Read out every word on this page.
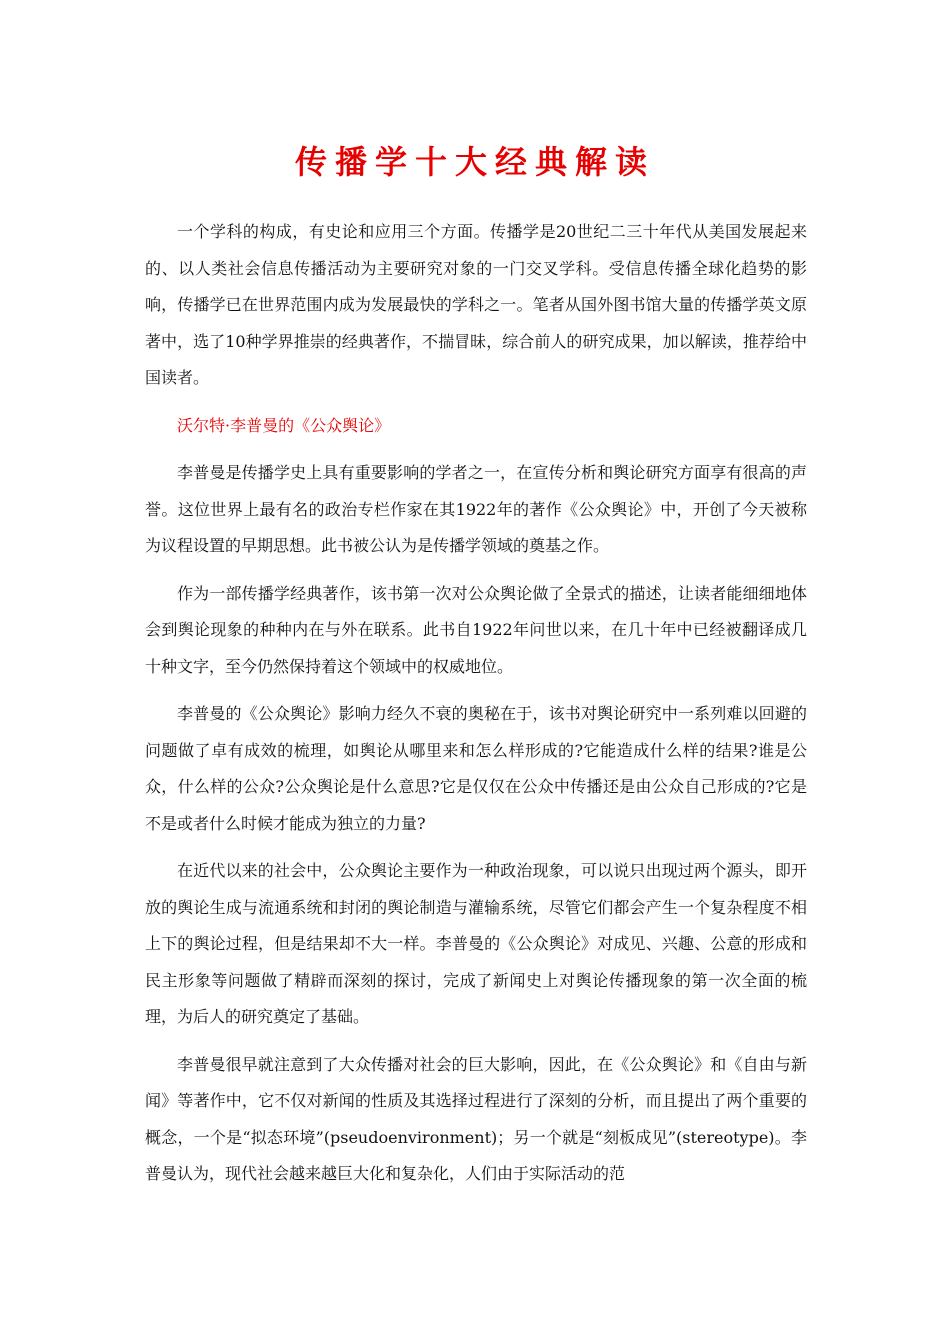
传播学十大经典解读

一个学科的构成，有史论和应用三个方面。传播学是20世纪二三十年代从美国发展起来的、以人类社会信息传播活动为主要研究对象的一门交叉学科。受信息传播全球化趋势的影响，传播学已在世界范围内成为发展最快的学科之一。笔者从国外图书馆大量的传播学英文原著中，选了10种学界推崇的经典著作，不揣冒昧，综合前人的研究成果，加以解读，推荐给中国读者。

沃尔特·李普曼的《公众舆论》

李普曼是传播学史上具有重要影响的学者之一，在宣传分析和舆论研究方面享有很高的声誉。这位世界上最有名的政治专栏作家在其1922年的著作《公众舆论》中，开创了今天被称为议程设置的早期思想。此书被公认为是传播学领域的奠基之作。

作为一部传播学经典著作，该书第一次对公众舆论做了全景式的描述，让读者能细细地体会到舆论现象的种种内在与外在联系。此书自1922年问世以来，在几十年中已经被翻译成几十种文字，至今仍然保持着这个领域中的权威地位。

李普曼的《公众舆论》影响力经久不衰的奥秘在于，该书对舆论研究中一系列难以回避的问题做了卓有成效的梳理，如舆论从哪里来和怎么样形成的?它能造成什么样的结果?谁是公众，什么样的公众?公众舆论是什么意思?它是仅仅在公众中传播还是由公众自己形成的?它是不是或者什么时候才能成为独立的力量?

在近代以来的社会中，公众舆论主要作为一种政治现象，可以说只出现过两个源头，即开放的舆论生成与流通系统和封闭的舆论制造与灌输系统，尽管它们都会产生一个复杂程度不相上下的舆论过程，但是结果却不大一样。李普曼的《公众舆论》对成见、兴趣、公意的形成和民主形象等问题做了精辟而深刻的探讨，完成了新闻史上对舆论传播现象的第一次全面的梳理，为后人的研究奠定了基础。

李普曼很早就注意到了大众传播对社会的巨大影响，因此，在《公众舆论》和《自由与新闻》等著作中，它不仅对新闻的性质及其选择过程进行了深刻的分析，而且提出了两个重要的概念，一个是“拟态环境”(pseudoenvironment)；另一个就是“刻板成见”(stereotype)。李普曼认为，现代社会越来越巨大化和复杂化，人们由于实际活动的范
